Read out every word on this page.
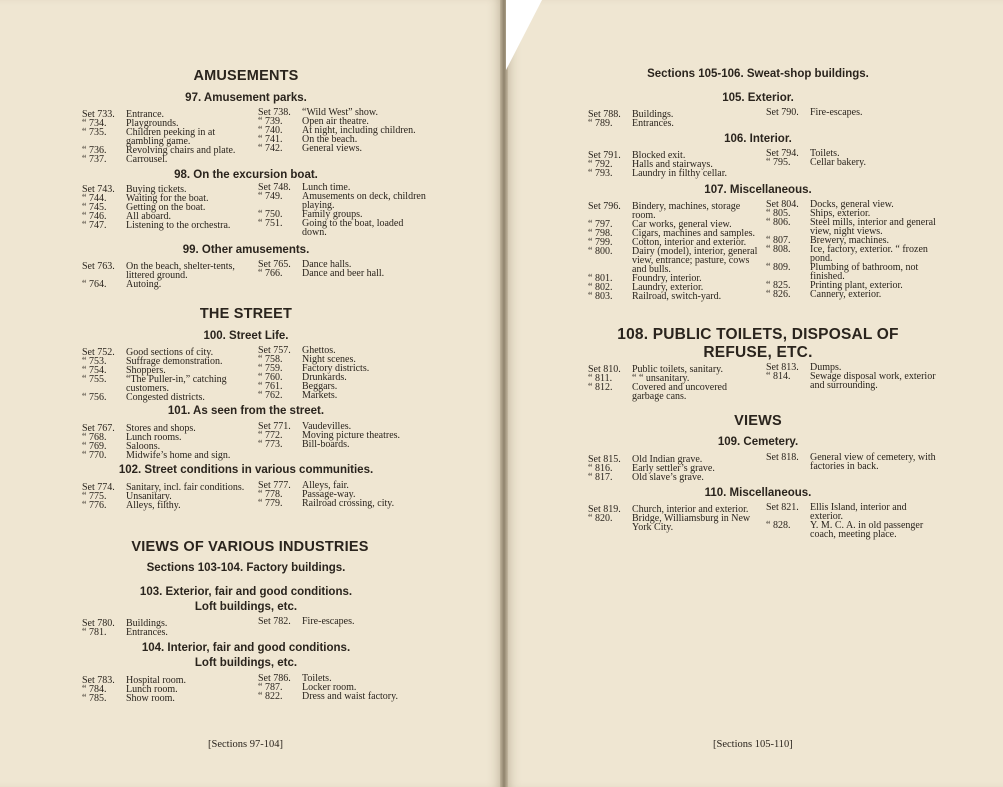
AMUSEMENTS
97. Amusement parks.
Set 733.	Entrance.
“ 734.	Playgrounds.
“ 735.	Children peeking in at gambling game.
“ 736.	Revolving chairs and plate.
“ 737.	Carrousel.
Set 738.	“Wild West” show.
“ 739.	Open air theatre.
“ 740.	At night, including children.
“ 741.	On the beach.
“ 742.	General views.
98. On the excursion boat.
Set 743.	Buying tickets.
“ 744.	Waiting for the boat.
“ 745.	Getting on the boat.
“ 746.	All aboard.
“ 747.	Listening to the orchestra.
Set 748.	Lunch time.
“ 749.	Amusements on deck, children playing.
“ 750.	Family groups.
“ 751.	Going to the boat, loaded down.
99. Other amusements.
Set 763.	On the beach, shelter-tents, littered ground.
“ 764.	Autoing.
Set 765.	Dance halls.
“ 766.	Dance and beer hall.
THE STREET
100. Street Life.
Set 752.	Good sections of city.
“ 753.	Suffrage demonstration.
“ 754.	Shoppers.
“ 755.	“The Puller-in,” catching customers.
“ 756.	Congested districts.
Set 757.	Ghettos.
“ 758.	Night scenes.
“ 759.	Factory districts.
“ 760.	Drunkards.
“ 761.	Beggars.
“ 762.	Markets.
101. As seen from the street.
Set 767.	Stores and shops.
“ 768.	Lunch rooms.
“ 769.	Saloons.
“ 770.	Midwife’s home and sign.
Set 771.	Vaudevilles.
“ 772.	Moving picture theatres.
“ 773.	Bill-boards.
102. Street conditions in various communities.
Set 774.	Sanitary, incl. fair conditions.
“ 775.	Unsanitary.
“ 776.	Alleys, filthy.
Set 777.	Alleys, fair.
“ 778.	Passage-way.
“ 779.	Railroad crossing, city.
VIEWS OF VARIOUS INDUSTRIES
Sections 103-104. Factory buildings.
103. Exterior, fair and good conditions.
Loft buildings, etc.
Set 780.	Buildings.
“ 781.	Entrances.
Set 782.	Fire-escapes.
104. Interior, fair and good conditions.
Loft buildings, etc.
Set 783.	Hospital room.
“ 784.	Lunch room.
“ 785.	Show room.
Set 786.	Toilets.
“ 787.	Locker room.
“ 822.	Dress and waist factory.
[Sections 97-104]
Sections 105-106. Sweat-shop buildings.
105. Exterior.
Set 788.	Buildings.
“ 789.	Entrances.
Set 790.	Fire-escapes.
106. Interior.
Set 791.	Blocked exit.
“ 792.	Halls and stairways.
“ 793.	Laundry in filthy cellar.
Set 794.	Toilets.
“ 795.	Cellar bakery.
107. Miscellaneous.
Set 796.	Bindery, machines, storage room.
“ 797.	Car works, general view.
“ 798.	Cigars, machines and samples.
“ 799.	Cotton, interior and exterior.
“ 800.	Dairy (model), interior, general view, entrance; pasture, cows and bulls.
“ 801.	Foundry, interior.
“ 802.	Laundry, exterior.
“ 803.	Railroad, switch-yard.
Set 804.	Docks, general view.
“ 805.	Ships, exterior.
“ 806.	Steel mills, interior and general view, night views.
“ 807.	Brewery, machines.
“ 808.	Ice, factory, exterior. “ frozen pond.
“ 809.	Plumbing of bathroom, not finished.
“ 825.	Printing plant, exterior.
“ 826.	Cannery, exterior.
108. PUBLIC TOILETS, DISPOSAL OF
REFUSE, ETC.
Set 810.	Public toilets, sanitary.
“ 811.	“ “ unsanitary.
“ 812.	Covered and uncovered garbage cans.
Set 813.	Dumps.
“ 814.	Sewage disposal work, exterior and surrounding.
VIEWS
109. Cemetery.
Set 815.	Old Indian grave.
“ 816.	Early settler’s grave.
“ 817.	Old slave’s grave.
Set 818.	General view of cemetery, with factories in back.
110. Miscellaneous.
Set 819.	Church, interior and exterior.
“ 820.	Bridge, Williamsburg in New York City.
Set 821.	Ellis Island, interior and exterior.
“ 828.	Y. M. C. A. in old passenger coach, meeting place.
[Sections 105-110]
